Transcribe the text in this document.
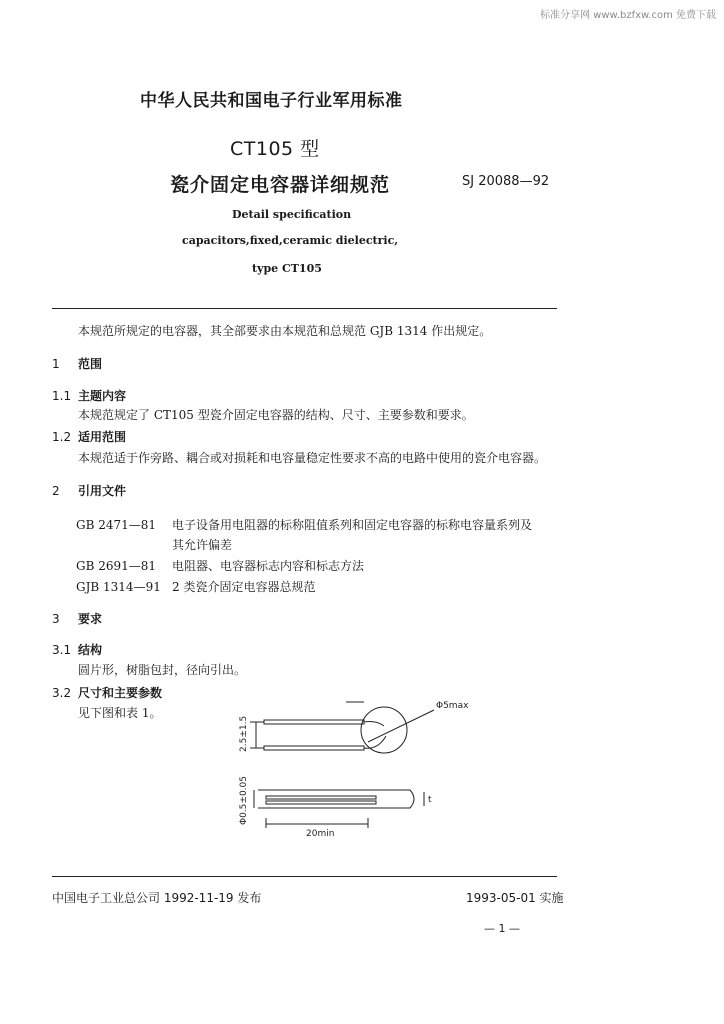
标准分享网 www.bzfxw.com 免费下载
中华人民共和国电子行业军用标准
CT105 型
瓷介固定电容器详细规范	SJ 20088—92
Detail specification
capacitors,fixed,ceramic dielectric,
type CT105
本规范所规定的电容器，其全部要求由本规范和总规范 GJB 1314 作出规定。
1 范围
1.1 主题内容
本规范规定了 CT105 型瓷介固定电容器的结构、尺寸、主要参数和要求。
1.2 适用范围
本规范适于作旁路、耦合或对损耗和电容量稳定性要求不高的电路中使用的瓷介电容器。
2 引用文件
GB 2471—81 电子设备用电阻器的标称阻值系列和固定电容器的标称电容量系列及
其允许偏差
GB 2691—81 电阻器、电容器标志内容和标志方法
GJB 1314—91 2 类瓷介固定电容器总规范
3 要求
3.1 结构
圆片形，树脂包封，径向引出。
3.2 尺寸和主要参数
见下图和表 1。	Φ5max
2.5±1.5
Φ0.5±0.05	t
20min
中国电子工业总公司 1992-11-19 发布	1993-05-01 实施
— 1 —
